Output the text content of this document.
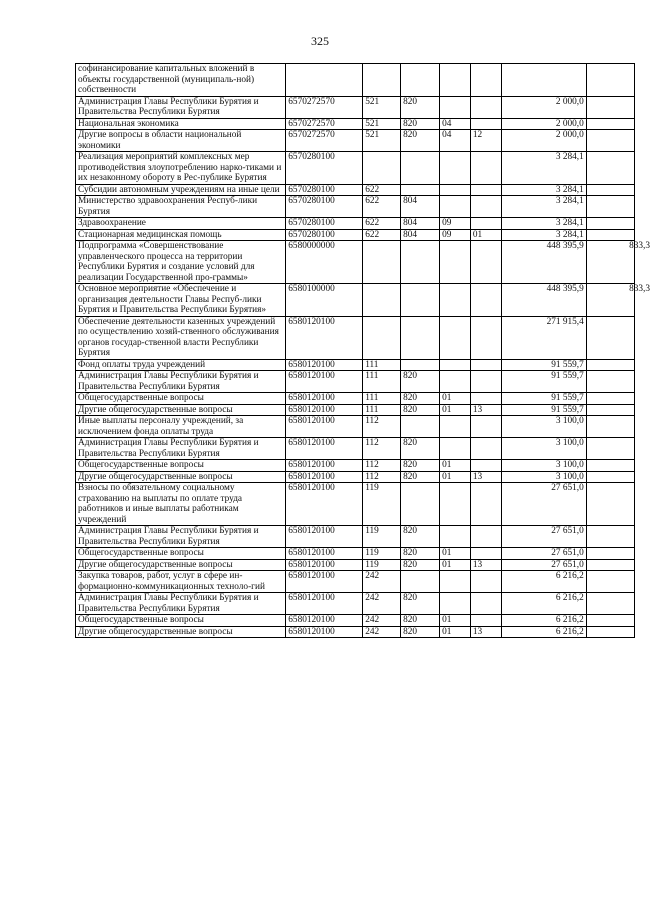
325
софинансирование капитальных вложений в объекты государственной (муниципаль-ной) собственности							
Администрация Главы Республики Бурятия и Правительства Республики Бурятия	6570272570	521	820			2 000,0	
Национальная экономика	6570272570	521	820	04		2 000,0	
Другие вопросы в области национальной экономики	6570272570	521	820	04	12	2 000,0	
Реализация мероприятий комплексных мер противодействия злоупотреблению нарко-тиками и их незаконному обороту в Рес-публике Бурятия	6570280100					3 284,1	
Субсидии автономным учреждениям на иные цели	6570280100	622				3 284,1	
Министерство здравоохранения Респуб-лики Бурятия	6570280100	622	804			3 284,1	
Здравоохранение	6570280100	622	804	09		3 284,1	
Стационарная медицинская помощь	6570280100	622	804	09	01	3 284,1	
Подпрограмма «Совершенствование управленческого процесса на территории Республики Бурятия и создание условий для реализации Государственной про-граммы»	6580000000					448 395,9	833,3
Основное мероприятие «Обеспечение и организация деятельности Главы Респуб-лики Бурятия и Правительства Республики Бурятия»	6580100000					448 395,9	833,3
Обеспечение деятельности казенных учреждений по осуществлению хозяй-ственного обслуживания органов государ-ственной власти Республики Бурятия	6580120100					271 915,4	
Фонд оплаты труда учреждений	6580120100	111				91 559,7	
Администрация Главы Республики Бурятия и Правительства Республики Бурятия	6580120100	111	820			91 559,7	
Общегосударственные вопросы	6580120100	111	820	01		91 559,7	
Другие общегосударственные вопросы	6580120100	111	820	01	13	91 559,7	
Иные выплаты персоналу учреждений, за исключением фонда оплаты труда	6580120100	112				3 100,0	
Администрация Главы Республики Бурятия и Правительства Республики Бурятия	6580120100	112	820			3 100,0	
Общегосударственные вопросы	6580120100	112	820	01		3 100,0	
Другие общегосударственные вопросы	6580120100	112	820	01	13	3 100,0	
Взносы по обязательному социальному страхованию на выплаты по оплате труда работников и иные выплаты работникам учреждений	6580120100	119				27 651,0	
Администрация Главы Республики Бурятия и Правительства Республики Бурятия	6580120100	119	820			27 651,0	
Общегосударственные вопросы	6580120100	119	820	01		27 651,0	
Другие общегосударственные вопросы	6580120100	119	820	01	13	27 651,0	
Закупка товаров, работ, услуг в сфере ин-формационно-коммуникационных техноло-гий	6580120100	242				6 216,2	
Администрация Главы Республики Бурятия и Правительства Республики Бурятия	6580120100	242	820			6 216,2	
Общегосударственные вопросы	6580120100	242	820	01		6 216,2	
Другие общегосударственные вопросы	6580120100	242	820	01	13	6 216,2	
